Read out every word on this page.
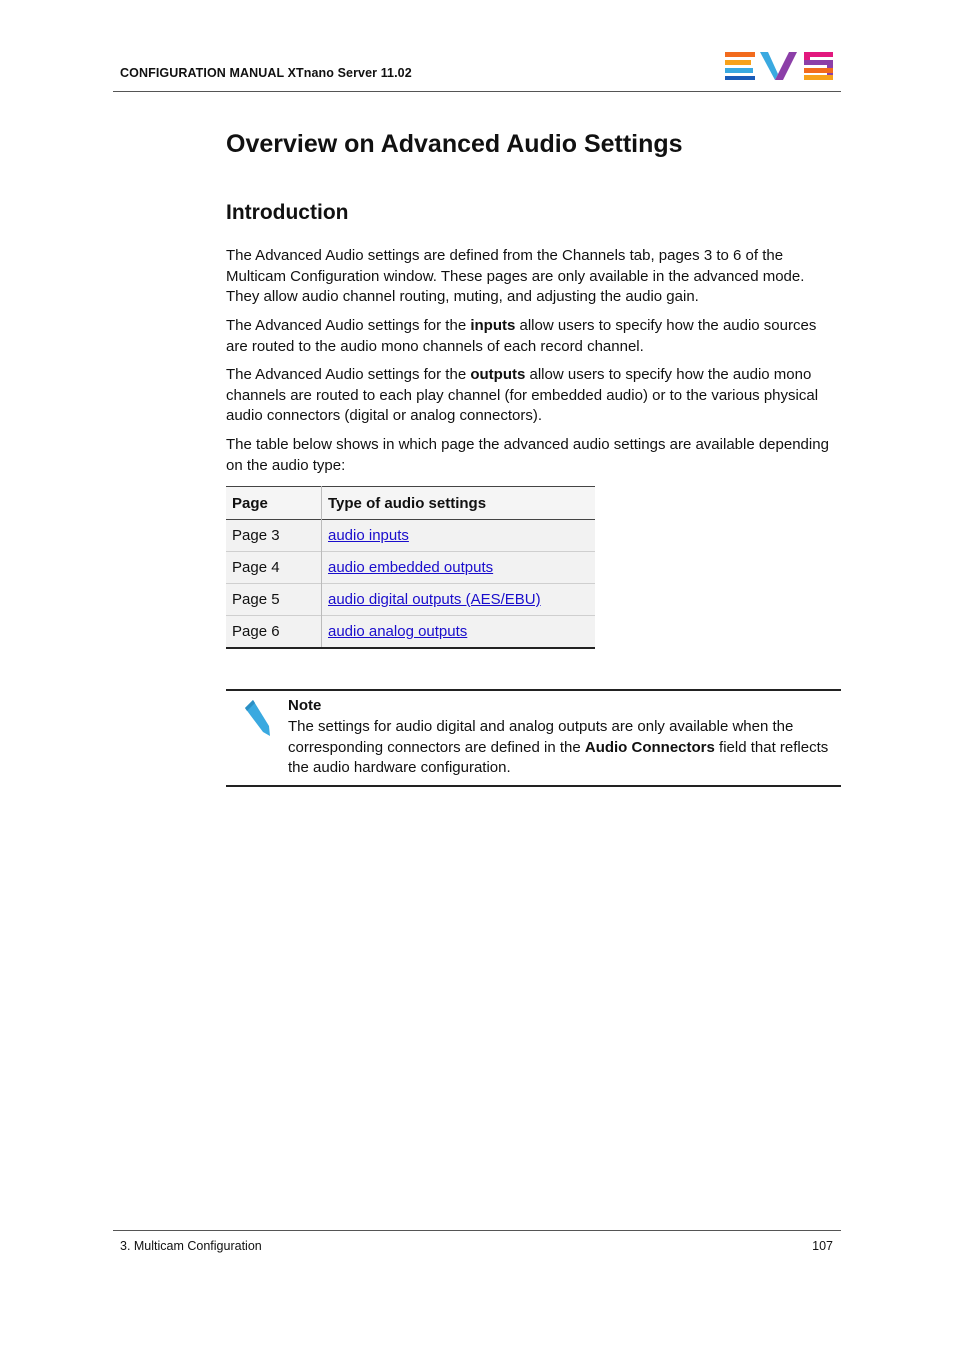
CONFIGURATION MANUAL XTnano Server 11.02
Overview on Advanced Audio Settings
Introduction

The Advanced Audio settings are defined from the Channels tab, pages 3 to 6 of the Multicam Configuration window. These pages are only available in the advanced mode. They allow audio channel routing, muting, and adjusting the audio gain.

The Advanced Audio settings for the inputs allow users to specify how the audio sources are routed to the audio mono channels of each record channel.

The Advanced Audio settings for the outputs allow users to specify how the audio mono channels are routed to each play channel (for embedded audio) or to the various physical audio connectors (digital or analog connectors).

The table below shows in which page the advanced audio settings are available depending on the audio type:

Page	Type of audio settings
Page 3	audio inputs
Page 4	audio embedded outputs
Page 5	audio digital outputs (AES/EBU)
Page 6	audio analog outputs
Note

The settings for audio digital and analog outputs are only available when the corresponding connectors are defined in the Audio Connectors field that reflects the audio hardware configuration.

3. Multicam Configuration	107
